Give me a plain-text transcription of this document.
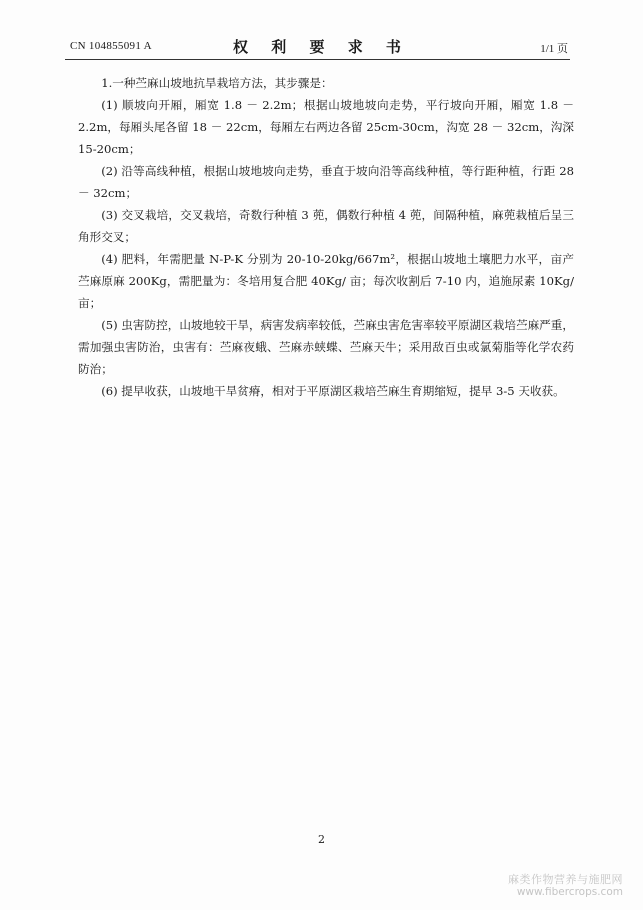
CN 104855091 A	权 利 要 求 书	1/1 页

1.一种苎麻山坡地抗旱栽培方法，其步骤是：

(1) 顺坡向开厢，厢宽 1.8 － 2.2m；根据山坡地坡向走势，平行坡向开厢，厢宽 1.8 － 2.2m，每厢头尾各留 18 － 22cm，每厢左右两边各留 25cm-30cm，沟宽 28 － 32cm，沟深 15-20cm；

(2) 沿等高线种植，根据山坡地坡向走势，垂直于坡向沿等高线种植，等行距种植，行距 28 － 32cm；

(3) 交叉栽培，交叉栽培，奇数行种植 3 蔸，偶数行种植 4 蔸，间隔种植，麻蔸栽植后呈三角形交叉；

(4) 肥料，年需肥量 N-P-K 分别为 20-10-20kg/667m²，根据山坡地土壤肥力水平，亩产苎麻原麻 200Kg，需肥量为：冬培用复合肥 40Kg/ 亩；每次收割后 7-10 内，追施尿素 10Kg/ 亩；

(5) 虫害防控，山坡地较干旱，病害发病率较低，苎麻虫害危害率较平原湖区栽培苎麻严重，需加强虫害防治，虫害有：苎麻夜蛾、苎麻赤蛱蝶、苎麻天牛；采用敌百虫或氯菊脂等化学农药防治；

(6) 提早收获，山坡地干旱贫瘠，相对于平原湖区栽培苎麻生育期缩短，提早 3-5 天收获。

2
麻类作物营养与施肥网
www.fibercrops.com
